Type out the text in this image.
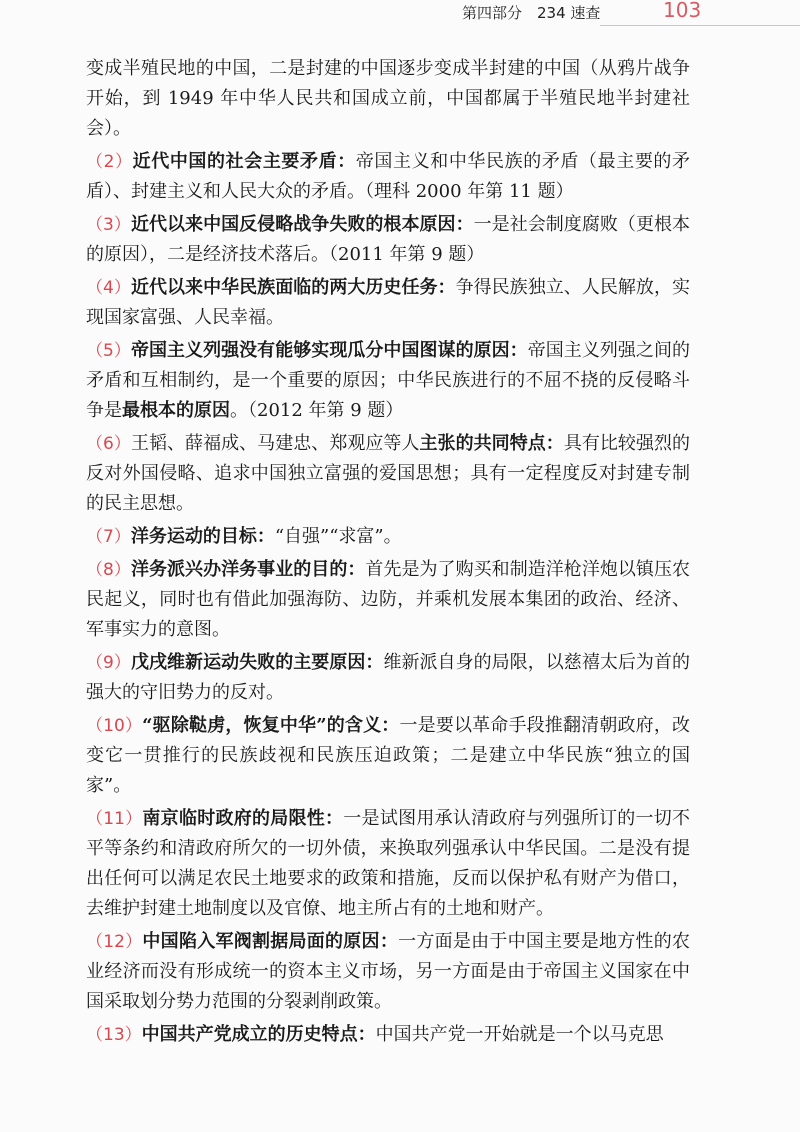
第四部分　234 速查	103

变成半殖民地的中国，二是封建的中国逐步变成半封建的中国（从鸦片战争开始，到 1949 年中华人民共和国成立前，中国都属于半殖民地半封建社会）。

（2）近代中国的社会主要矛盾：帝国主义和中华民族的矛盾（最主要的矛盾）、封建主义和人民大众的矛盾。（理科 2000 年第 11 题）

（3）近代以来中国反侵略战争失败的根本原因：一是社会制度腐败（更根本的原因），二是经济技术落后。（2011 年第 9 题）

（4）近代以来中华民族面临的两大历史任务：争得民族独立、人民解放，实现国家富强、人民幸福。

（5）帝国主义列强没有能够实现瓜分中国图谋的原因：帝国主义列强之间的矛盾和互相制约，是一个重要的原因；中华民族进行的不屈不挠的反侵略斗争是最根本的原因。（2012 年第 9 题）

（6）王韬、薛福成、马建忠、郑观应等人主张的共同特点：具有比较强烈的反对外国侵略、追求中国独立富强的爱国思想；具有一定程度反对封建专制的民主思想。

（7）洋务运动的目标：“自强”“求富”。

（8）洋务派兴办洋务事业的目的：首先是为了购买和制造洋枪洋炮以镇压农民起义，同时也有借此加强海防、边防，并乘机发展本集团的政治、经济、军事实力的意图。

（9）戊戌维新运动失败的主要原因：维新派自身的局限，以慈禧太后为首的强大的守旧势力的反对。

（10）“驱除鞑虏，恢复中华”的含义：一是要以革命手段推翻清朝政府，改变它一贯推行的民族歧视和民族压迫政策；二是建立中华民族“独立的国家”。

（11）南京临时政府的局限性：一是试图用承认清政府与列强所订的一切不平等条约和清政府所欠的一切外债，来换取列强承认中华民国。二是没有提出任何可以满足农民土地要求的政策和措施，反而以保护私有财产为借口，去维护封建土地制度以及官僚、地主所占有的土地和财产。

（12）中国陷入军阀割据局面的原因：一方面是由于中国主要是地方性的农业经济而没有形成统一的资本主义市场，另一方面是由于帝国主义国家在中国采取划分势力范围的分裂剥削政策。

（13）中国共产党成立的历史特点：中国共产党一开始就是一个以马克思
